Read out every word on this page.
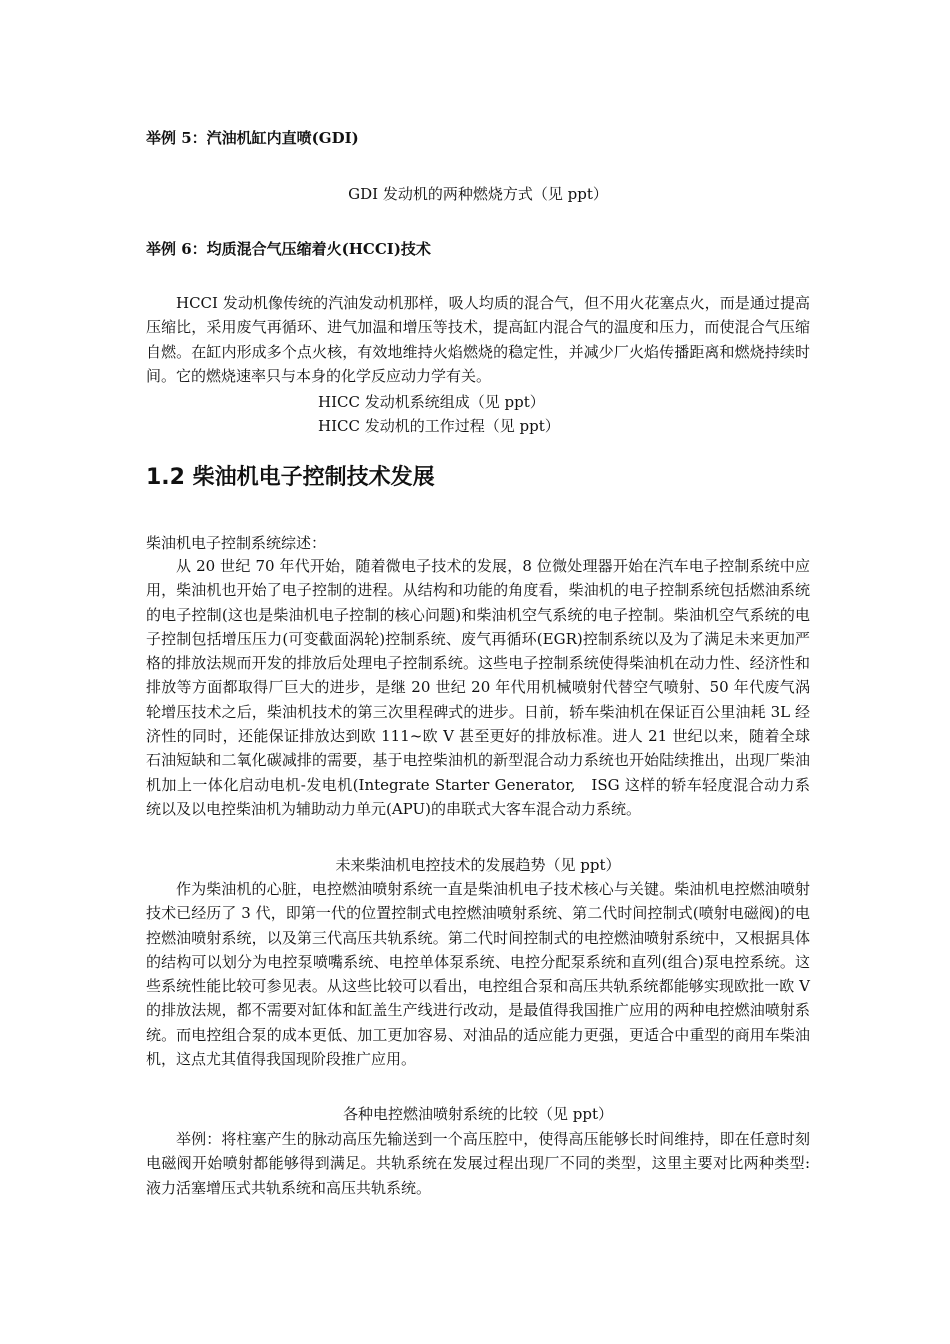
举例 5：汽油机缸内直喷(GDI)
GDI 发动机的两种燃烧方式（见 ppt）
举例 6：均质混合气压缩着火(HCCI)技术

HCCI 发动机像传统的汽油发动机那样，吸人均质的混合气，但不用火花塞点火，而是通过提高压缩比，采用废气再循环、进气加温和增压等技术，提高缸内混合气的温度和压力，而使混合气压缩自燃。在缸内形成多个点火核，有效地维持火焰燃烧的稳定性，并减少厂火焰传播距离和燃烧持续时间。它的燃烧速率只与本身的化学反应动力学有关。

HICC 发动机系统组成（见 ppt）
HICC 发动机的工作过程（见 ppt）
1.2 柴油机电子控制技术发展
柴油机电子控制系统综述：

从 20 世纪 70 年代开始，随着微电子技术的发展，8 位微处理器开始在汽车电子控制系统中应用，柴油机也开始了电子控制的进程。从结构和功能的角度看，柴油机的电子控制系统包括燃油系统的电子控制(这也是柴油机电子控制的核心问题)和柴油机空气系统的电子控制。柴油机空气系统的电子控制包括增压压力(可变截面涡轮)控制系统、废气再循环(EGR)控制系统以及为了满足未来更加严格的排放法规而开发的排放后处理电子控制系统。这些电子控制系统使得柴油机在动力性、经济性和排放等方面都取得厂巨大的进步，是继 20 世纪 20 年代用机械喷射代替空气喷射、50 年代废气涡轮增压技术之后，柴油机技术的第三次里程碑式的进步。日前，轿车柴油机在保证百公里油耗 3L 经济性的同时，还能保证排放达到欧 111~欧 V 甚至更好的排放标准。进人 21 世纪以来，随着全球石油短缺和二氧化碳减排的需要，基于电控柴油机的新型混合动力系统也开始陆续推出，出现厂柴油机加上一体化启动电机-发电机(Integrate Starter Generator,　ISG 这样的轿车轻度混合动力系统以及以电控柴油机为辅助动力单元(APU)的串联式大客车混合动力系统。

未来柴油机电控技术的发展趋势（见 ppt）

作为柴油机的心脏，电控燃油喷射系统一直是柴油机电子技术核心与关键。柴油机电控燃油喷射技术已经历了 3 代，即第一代的位置控制式电控燃油喷射系统、第二代时间控制式(喷射电磁阀)的电控燃油喷射系统，以及第三代高压共轨系统。第二代时间控制式的电控燃油喷射系统中，又根据具体的结构可以划分为电控泵喷嘴系统、电控单体泵系统、电控分配泵系统和直列(组合)泵电控系统。这些系统性能比较可参见表。从这些比较可以看出，电控组合泵和高压共轨系统都能够实现欧批一欧 V 的排放法规，都不需要对缸体和缸盖生产线进行改动，是最值得我国推广应用的两种电控燃油喷射系统。而电控组合泵的成本更低、加工更加容易、对油品的适应能力更强，更适合中重型的商用车柴油机，这点尤其值得我国现阶段推广应用。

各种电控燃油喷射系统的比较（见 ppt）

举例：将柱塞产生的脉动高压先输送到一个高压腔中，使得高压能够长时间维持，即在任意时刻电磁阀开始喷射都能够得到满足。共轨系统在发展过程出现厂不同的类型，这里主要对比两种类型:液力活塞增压式共轨系统和高压共轨系统。
